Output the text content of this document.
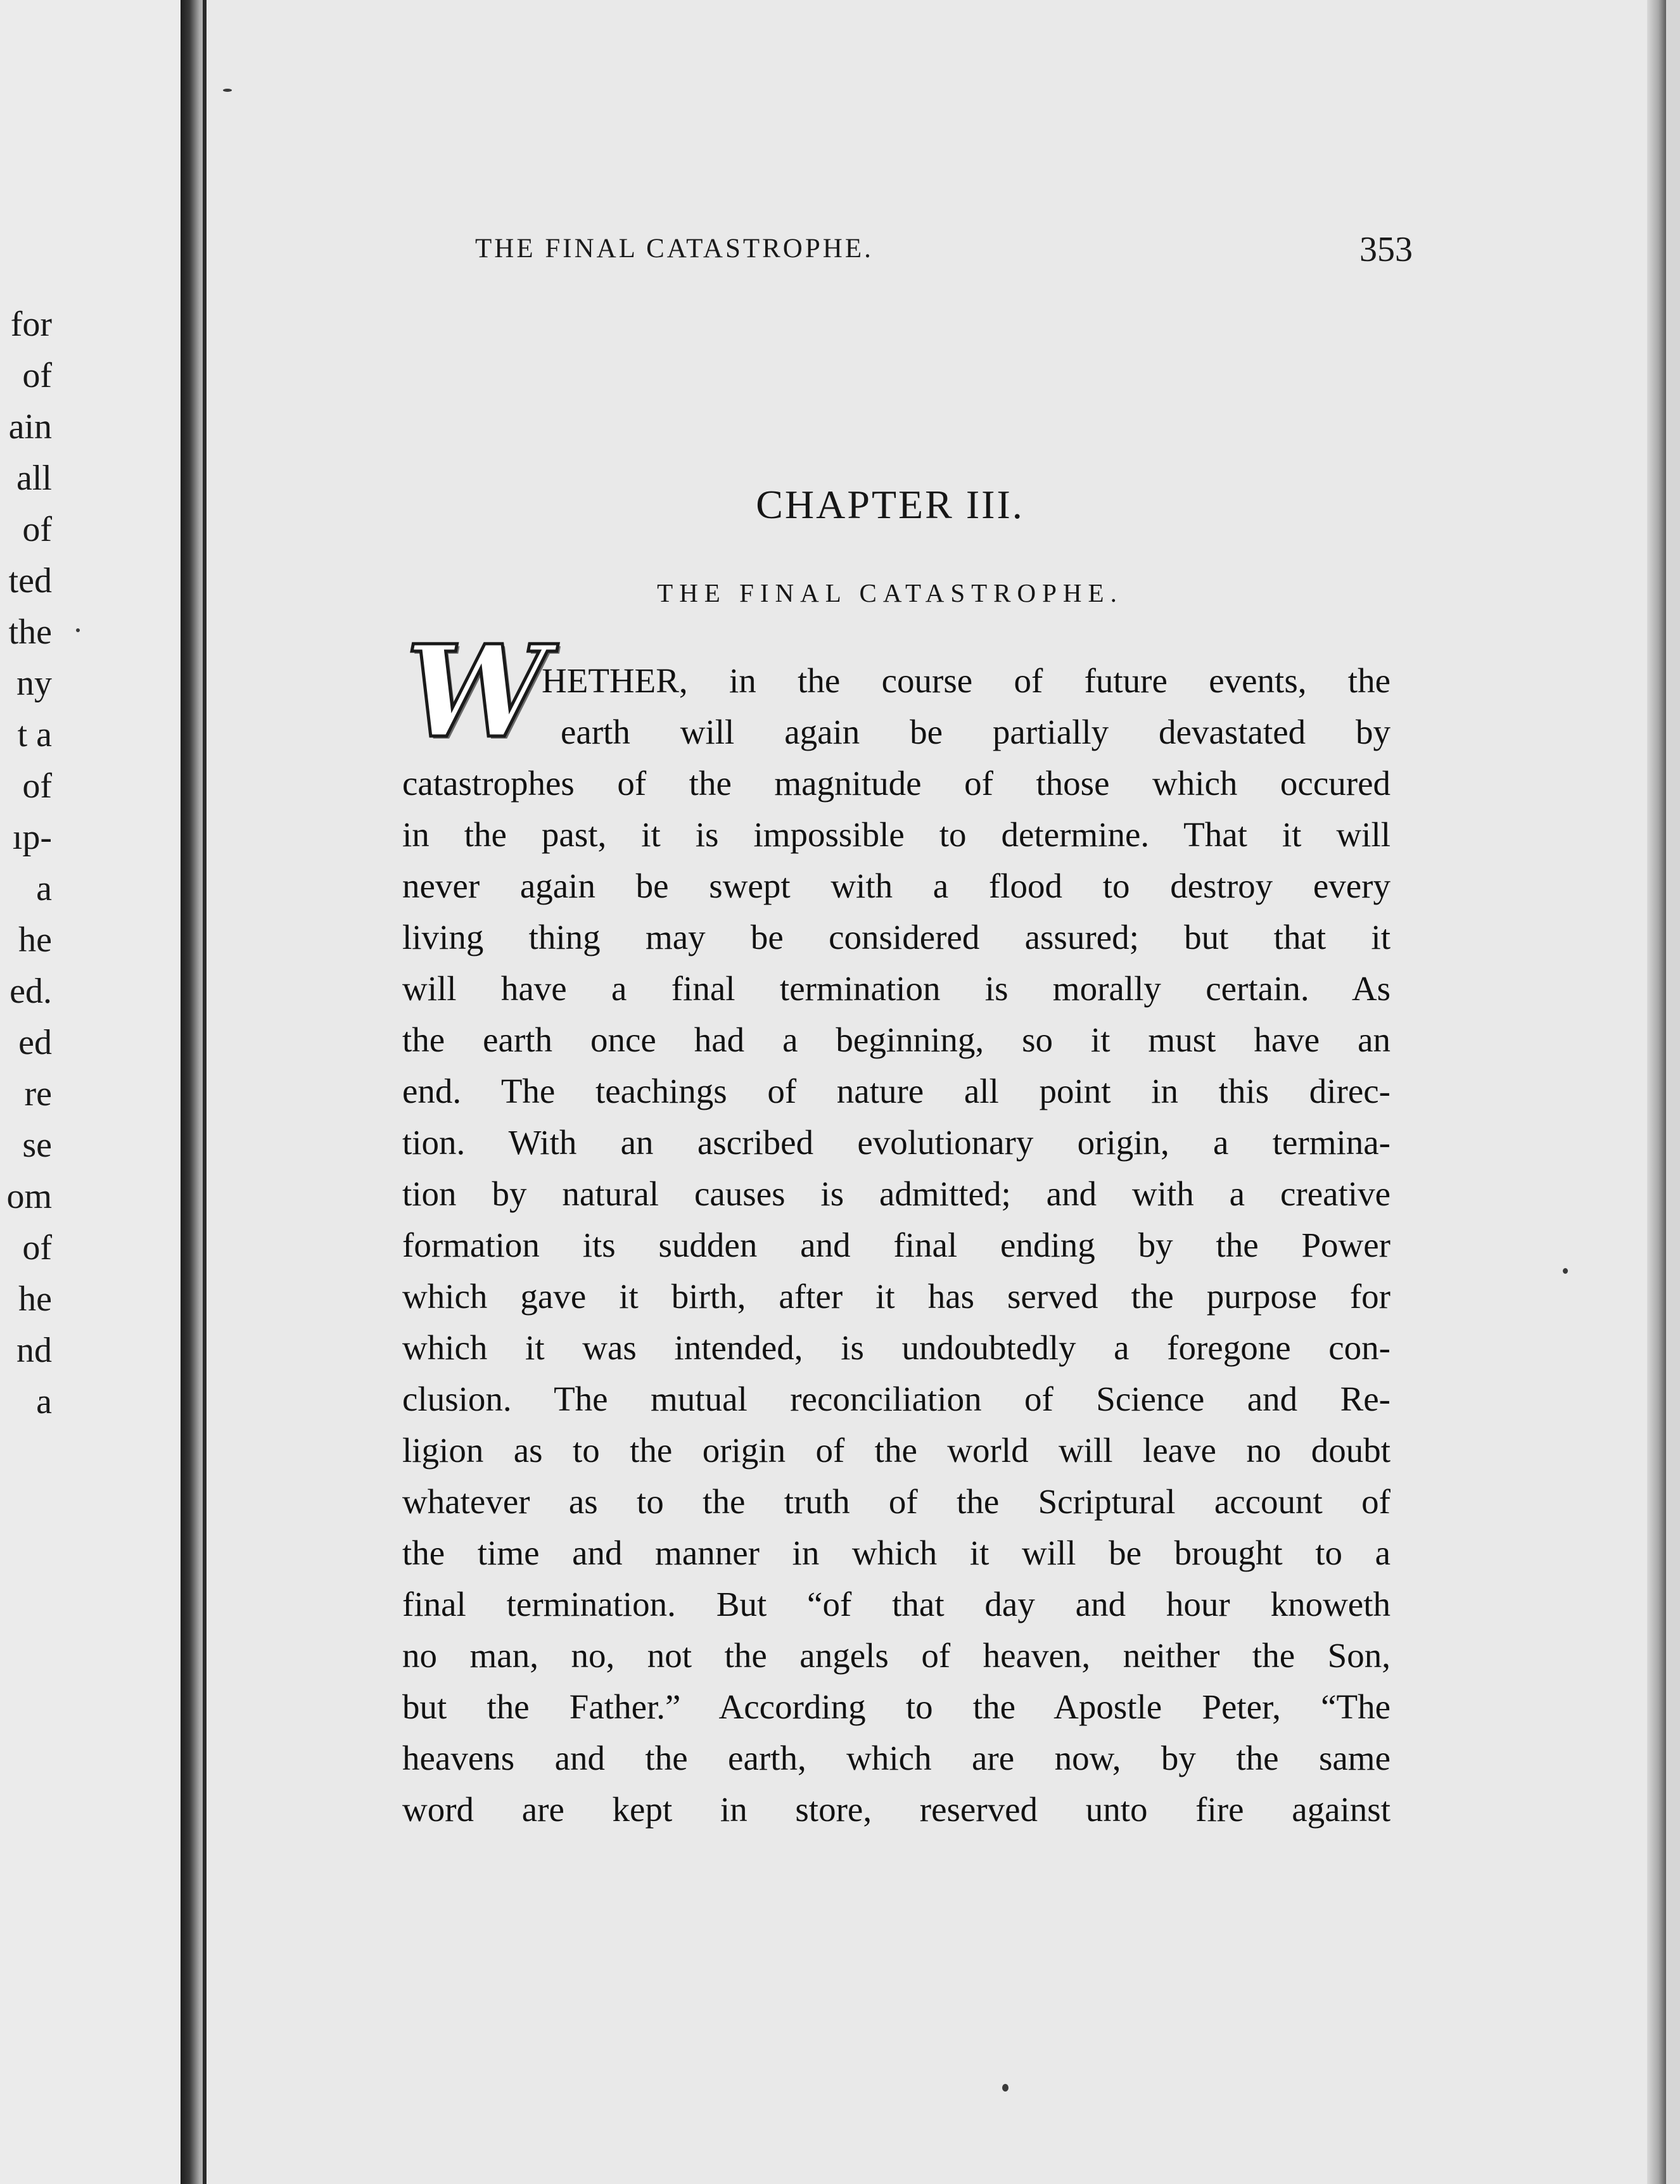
for
of
ain
all
of
ted
the
ny
t a
of
ıp-
a
he
ed.
ed
re
se
om
of
he
nd
a
THE FINAL CATASTROPHE.	353
CHAPTER III.
THE FINAL CATASTROPHE.
W
HETHER, in the course of future events, the
earth will again be partially devastated by
catastrophes of the magnitude of those which occured
in the past, it is impossible to determine. That it will
never again be swept with a flood to destroy every
living thing may be considered assured; but that it
will have a final termination is morally certain. As
the earth once had a beginning, so it must have an
end. The teachings of nature all point in this direc-
tion. With an ascribed evolutionary origin, a termina-
tion by natural causes is admitted; and with a creative
formation its sudden and final ending by the Power
which gave it birth, after it has served the purpose for
which it was intended, is undoubtedly a foregone con-
clusion. The mutual reconciliation of Science and Re-
ligion as to the origin of the world will leave no doubt
whatever as to the truth of the Scriptural account of
the time and manner in which it will be brought to a
final termination. But “of that day and hour knoweth
no man, no, not the angels of heaven, neither the Son,
but the Father.” According to the Apostle Peter, “The
heavens and the earth, which are now, by the same
word are kept in store, reserved unto fire against
